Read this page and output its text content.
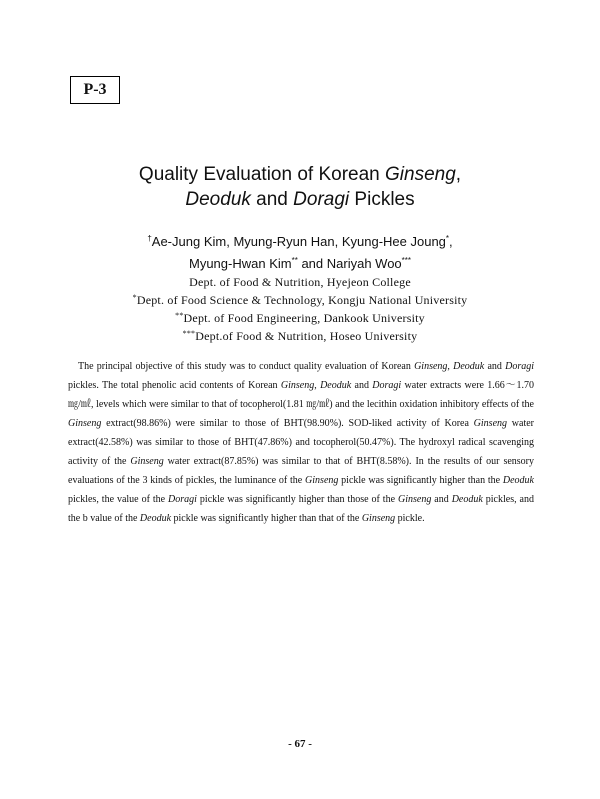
P-3
Quality Evaluation of Korean Ginseng,
Deoduk and Doragi Pickles
†Ae-Jung Kim, Myung-Ryun Han, Kyung-Hee Joung*,
Myung-Hwan Kim** and Nariyah Woo***
Dept. of Food & Nutrition, Hyejeon College
*Dept. of Food Science & Technology, Kongju National University
**Dept. of Food Engineering, Dankook University
***Dept.of Food & Nutrition, Hoseo University
The principal objective of this study was to conduct quality evaluation of Korean Ginseng, Deoduk and Doragi pickles. The total phenolic acid contents of Korean Ginseng, Deoduk and Doragi water extracts were 1.66～1.70 ㎎/㎖, levels which were similar to that of tocopherol(1.81 ㎎/㎖) and the lecithin oxidation inhibitory effects of the Ginseng extract(98.86%) were similar to those of BHT(98.90%). SOD-liked activity of Korea Ginseng water extract(42.58%) was similar to those of BHT(47.86%) and tocopherol(50.47%). The hydroxyl radical scavenging activity of the Ginseng water extract(87.85%) was similar to that of BHT(8.58%). In the results of our sensory evaluations of the 3 kinds of pickles, the luminance of the Ginseng pickle was significantly higher than the Deoduk pickles, the value of the Doragi pickle was significantly higher than those of the Ginseng and Deoduk pickles, and the b value of the Deoduk pickle was significantly higher than that of the Ginseng pickle.
- 67 -
